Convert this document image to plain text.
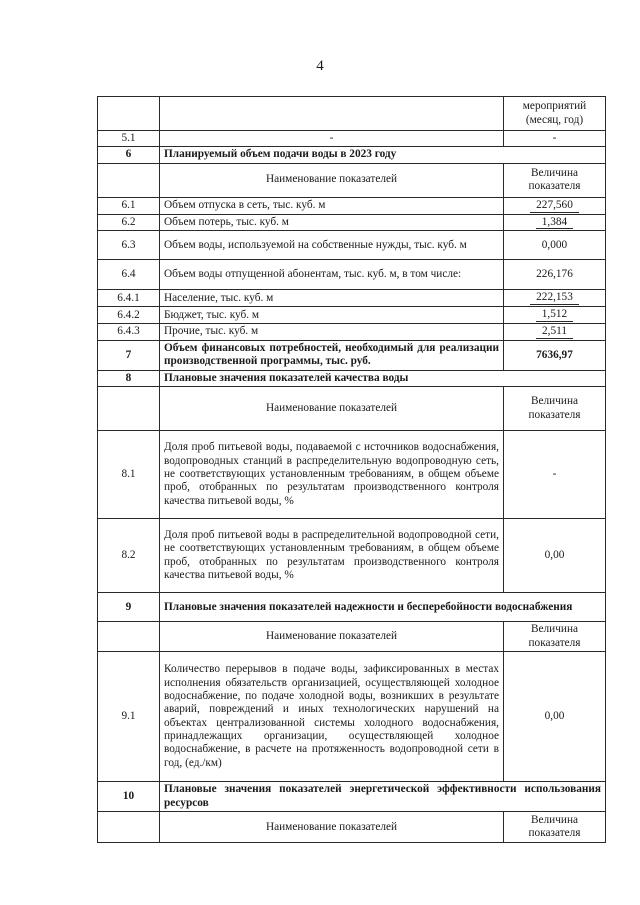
4
		мероприятий (месяц, год)
5.1	-	-
6	Планируемый объем подачи воды в 2023 году	
	Наименование показателей	Величина показателя
6.1	Объем отпуска в сеть, тыс. куб. м	227,560
6.2	Объем потерь, тыс. куб. м	1,384
6.3	Объем воды, используемой на собственные нужды, тыс. куб. м	0,000
6.4	Объем воды отпущенной абонентам, тыс. куб. м, в том числе:	226,176
6.4.1	Население, тыс. куб. м	222,153
6.4.2	Бюджет, тыс. куб. м	1,512
6.4.3	Прочие, тыс. куб. м	2,511
7	Объем финансовых потребностей, необходимый для реализации производственной программы, тыс. руб.	7636,97
8	Плановые значения показателей качества воды	
	Наименование показателей	Величина показателя
8.1	Доля проб питьевой воды, подаваемой с источников водоснабжения, водопроводных станций в распределительную водопроводную сеть, не соответствующих установленным требованиям, в общем объеме проб, отобранных по результатам производственного контроля качества питьевой воды, %	-
8.2	Доля проб питьевой воды в распределительной водопроводной сети, не соответствующих установленным требованиям, в общем объеме проб, отобранных по результатам производственного контроля качества питьевой воды, %	0,00
9	Плановые значения показателей надежности и бесперебойности водоснабжения	
	Наименование показателей	Величина показателя
9.1	Количество перерывов в подаче воды, зафиксированных в местах исполнения обязательств организацией, осуществляющей холодное водоснабжение, по подаче холодной воды, возникших в результате аварий, повреждений и иных технологических нарушений на объектах централизованной системы холодного водоснабжения, принадлежащих организации, осуществляющей холодное водоснабжение, в расчете на протяженность водопроводной сети в год, (ед./км)	0,00
10	Плановые значения показателей энергетической эффективности использования ресурсов	
	Наименование показателей	Величина показателя
